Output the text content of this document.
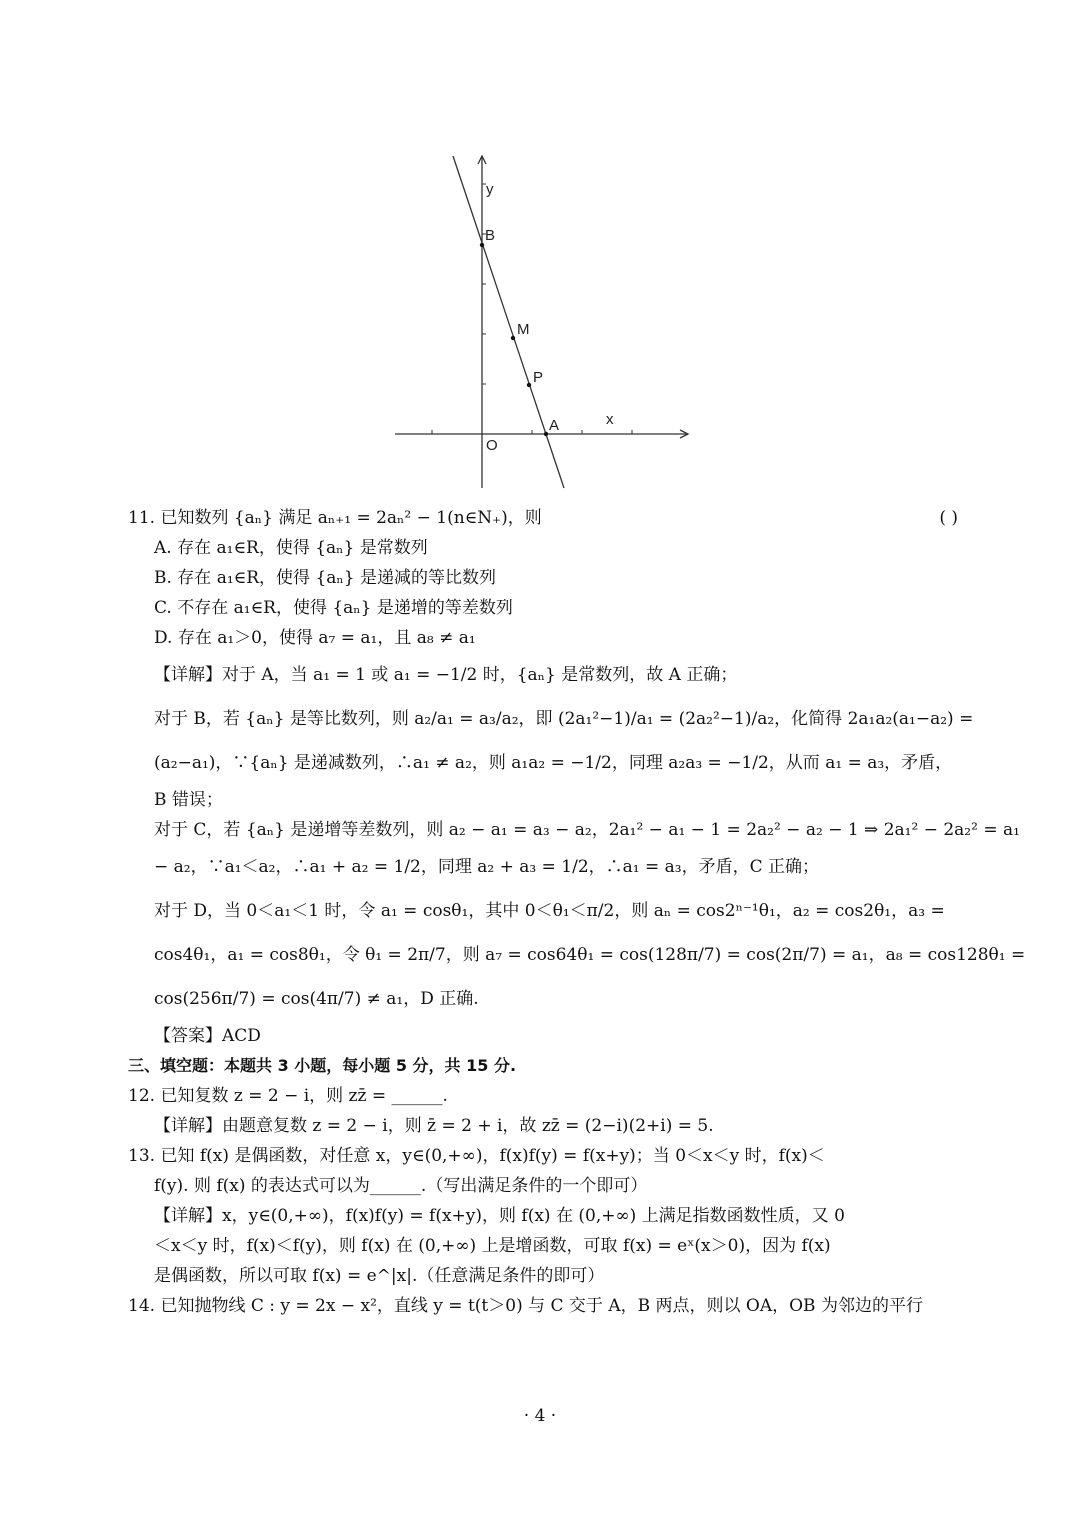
y
x
O
B
M
P
A
11. 已知数列 {aₙ} 满足 aₙ₊₁ = 2aₙ² − 1(n∈N₊)，则	( )
A. 存在 a₁∈R，使得 {aₙ} 是常数列
B. 存在 a₁∈R，使得 {aₙ} 是递减的等比数列
C. 不存在 a₁∈R，使得 {aₙ} 是递增的等差数列
D. 存在 a₁＞0，使得 a₇ = a₁，且 a₈ ≠ a₁
【详解】对于 A，当 a₁ = 1 或 a₁ = −1/2 时，{aₙ} 是常数列，故 A 正确；
对于 B，若 {aₙ} 是等比数列，则 a₂/a₁ = a₃/a₂，即 (2a₁²−1)/a₁ = (2a₂²−1)/a₂，化简得 2a₁a₂(a₁−a₂) =
(a₂−a₁)，∵{aₙ} 是递减数列，∴a₁ ≠ a₂，则 a₁a₂ = −1/2，同理 a₂a₃ = −1/2，从而 a₁ = a₃，矛盾，
B 错误；
对于 C，若 {aₙ} 是递增等差数列，则 a₂ − a₁ = a₃ − a₂，2a₁² − a₁ − 1 = 2a₂² − a₂ − 1 ⇒ 2a₁² − 2a₂² = a₁
− a₂，∵a₁＜a₂，∴a₁ + a₂ = 1/2，同理 a₂ + a₃ = 1/2，∴a₁ = a₃，矛盾，C 正确；
对于 D，当 0＜a₁＜1 时，令 a₁ = cosθ₁，其中 0＜θ₁＜π/2，则 aₙ = cos2ⁿ⁻¹θ₁，a₂ = cos2θ₁，a₃ =
cos4θ₁，a₁ = cos8θ₁，令 θ₁ = 2π/7，则 a₇ = cos64θ₁ = cos(128π/7) = cos(2π/7) = a₁，a₈ = cos128θ₁ =
cos(256π/7) = cos(4π/7) ≠ a₁，D 正确.
【答案】ACD
三、填空题：本题共 3 小题，每小题 5 分，共 15 分.
12. 已知复数 z = 2 − i，则 zz̄ = ______.
【详解】由题意复数 z = 2 − i，则 z̄ = 2 + i，故 zz̄ = (2−i)(2+i) = 5.
13. 已知 f(x) 是偶函数，对任意 x，y∈(0,+∞)，f(x)f(y) = f(x+y)；当 0＜x＜y 时，f(x)＜
f(y). 则 f(x) 的表达式可以为______.（写出满足条件的一个即可）
【详解】x，y∈(0,+∞)，f(x)f(y) = f(x+y)，则 f(x) 在 (0,+∞) 上满足指数函数性质，又 0
＜x＜y 时，f(x)＜f(y)，则 f(x) 在 (0,+∞) 上是增函数，可取 f(x) = eˣ(x＞0)，因为 f(x)
是偶函数，所以可取 f(x) = e^|x|.（任意满足条件的即可）
14. 已知抛物线 C : y = 2x − x²，直线 y = t(t＞0) 与 C 交于 A，B 两点，则以 OA，OB 为邻边的平行
· 4 ·
